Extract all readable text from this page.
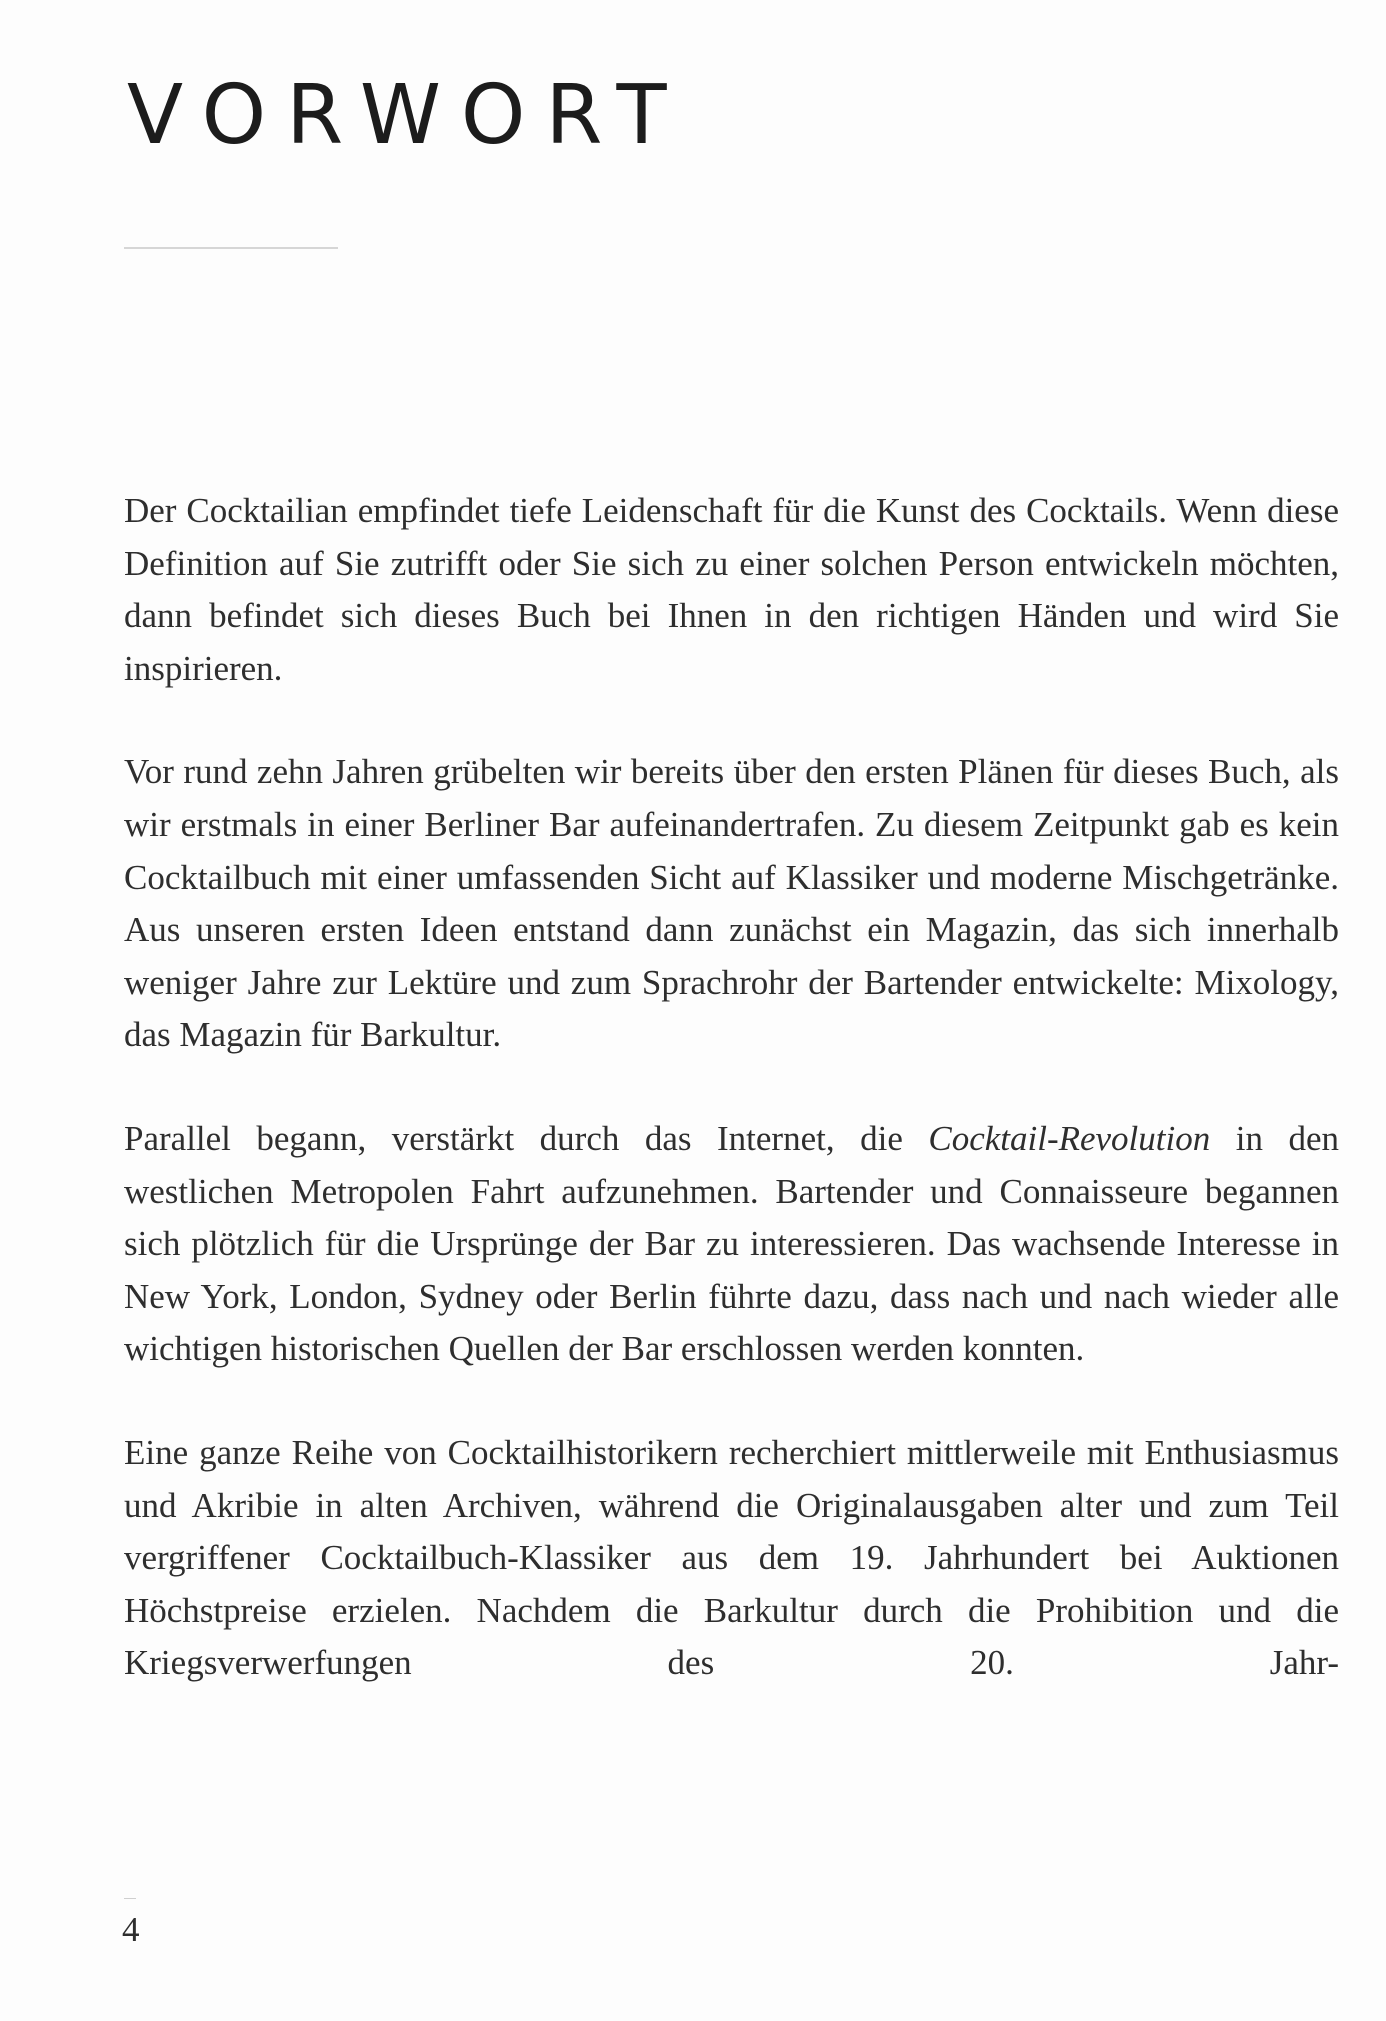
VORWORT

Der Cocktailian empfindet tiefe Leidenschaft für die Kunst des Cocktails. Wenn diese Definition auf Sie zutrifft oder Sie sich zu einer solchen Person entwickeln möchten, dann befindet sich dieses Buch bei Ihnen in den richtigen Händen und wird Sie inspirieren.

Vor rund zehn Jahren grübelten wir bereits über den ersten Plänen für dieses Buch, als wir erstmals in einer Berliner Bar aufeinandertrafen. Zu diesem Zeitpunkt gab es kein Cocktailbuch mit einer umfassenden Sicht auf Klassiker und moderne Mischgetränke. Aus unseren ersten Ideen entstand dann zunächst ein Magazin, das sich innerhalb weniger Jahre zur Lektüre und zum Sprachrohr der Bartender entwickelte: Mixology, das Magazin für Barkultur.

Parallel begann, verstärkt durch das Internet, die Cocktail-Revolution in den westlichen Metropolen Fahrt aufzunehmen. Bartender und Connaisseure begannen sich plötzlich für die Ursprünge der Bar zu interessieren. Das wachsende Interesse in New York, London, Sydney oder Berlin führte dazu, dass nach und nach wieder alle wichtigen historischen Quellen der Bar erschlossen werden konnten.

Eine ganze Reihe von Cocktailhistorikern recherchiert mittlerweile mit Enthusiasmus und Akribie in alten Archiven, während die Originalausgaben alter und zum Teil vergriffener Cocktailbuch-Klassiker aus dem 19. Jahrhundert bei Auktionen Höchstpreise erzielen. Nachdem die Barkultur durch die Prohibition und die Kriegsverwerfungen des 20. Jahr-

4
